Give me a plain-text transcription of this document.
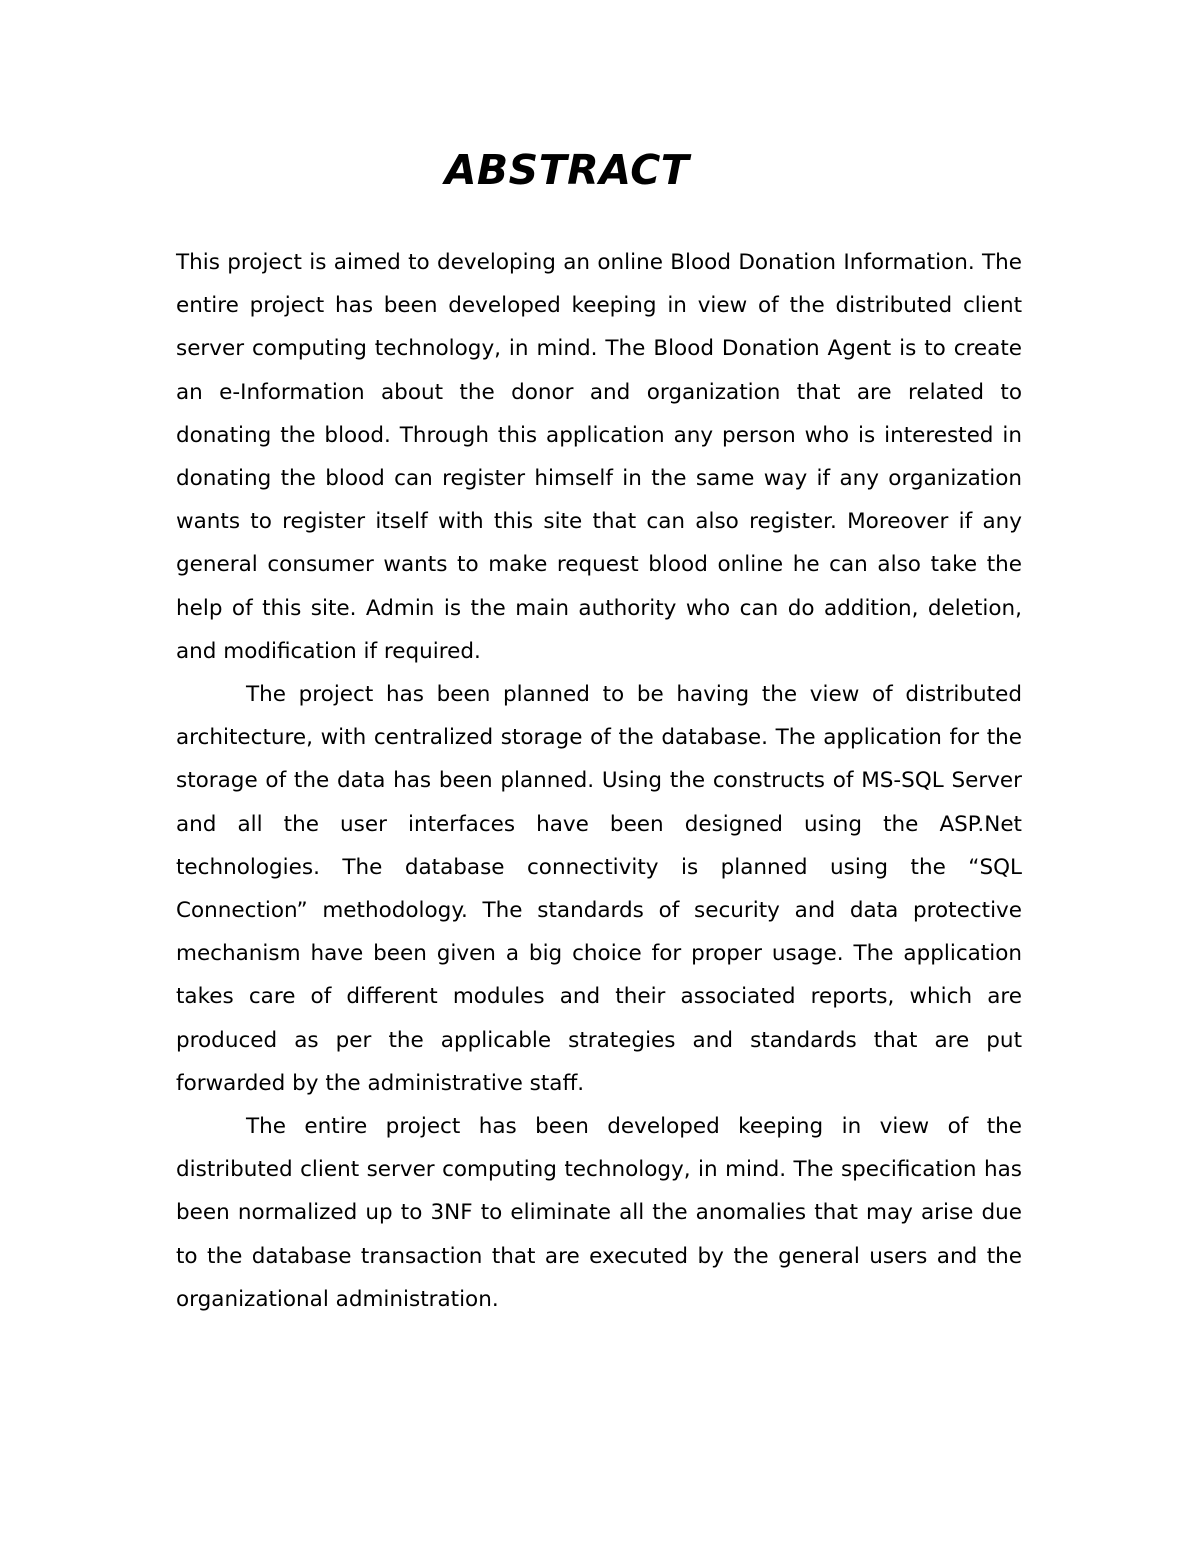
ABSTRACT

This project is aimed to developing an online Blood Donation Information. The entire project has been developed keeping in view of the distributed client server computing technology, in mind. The Blood Donation Agent is to create an e-Information about the donor and organization that are related to donating the blood. Through this application any person who is interested in donating the blood can register himself in the same way if any organization wants to register itself with this site that can also register. Moreover if any general consumer wants to make request blood online he can also take the help of this site. Admin is the main authority who can do addition, deletion, and modification if required.

The project has been planned to be having the view of distributed architecture, with centralized storage of the database. The application for the storage of the data has been planned. Using the constructs of MS-SQL Server and all the user interfaces have been designed using the ASP.Net technologies. The database connectivity is planned using the “SQL Connection” methodology. The standards of security and data protective mechanism have been given a big choice for proper usage. The application takes care of different modules and their associated reports, which are produced as per the applicable strategies and standards that are put forwarded by the administrative staff.

The entire project has been developed keeping in view of the distributed client server computing technology, in mind. The specification has been normalized up to 3NF to eliminate all the anomalies that may arise due to the database transaction that are executed by the general users and the organizational administration.
